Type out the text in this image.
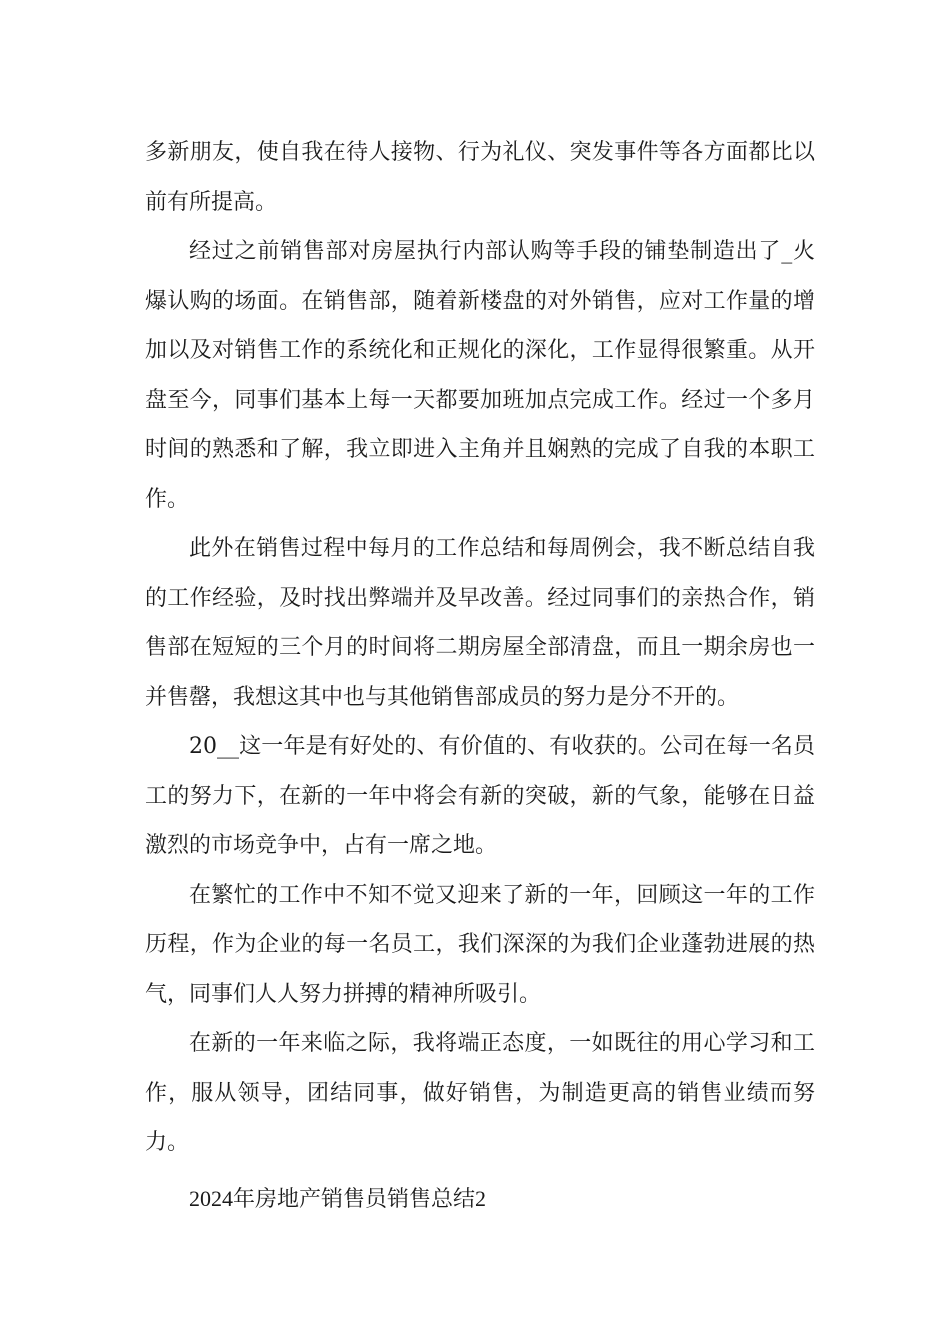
多新朋友，使自我在待人接物、行为礼仪、突发事件等各方面都比以前有所提高。

经过之前销售部对房屋执行内部认购等手段的铺垫制造出了_火爆认购的场面。在销售部，随着新楼盘的对外销售，应对工作量的增加以及对销售工作的系统化和正规化的深化，工作显得很繁重。从开盘至今，同事们基本上每一天都要加班加点完成工作。经过一个多月时间的熟悉和了解，我立即进入主角并且娴熟的完成了自我的本职工作。

此外在销售过程中每月的工作总结和每周例会，我不断总结自我的工作经验，及时找出弊端并及早改善。经过同事们的亲热合作，销售部在短短的三个月的时间将二期房屋全部清盘，而且一期余房也一并售罄，我想这其中也与其他销售部成员的努力是分不开的。

20__这一年是有好处的、有价值的、有收获的。公司在每一名员工的努力下，在新的一年中将会有新的突破，新的气象，能够在日益激烈的市场竞争中，占有一席之地。

在繁忙的工作中不知不觉又迎来了新的一年，回顾这一年的工作历程，作为企业的每一名员工，我们深深的为我们企业蓬勃进展的热气，同事们人人努力拼搏的精神所吸引。

在新的一年来临之际，我将端正态度，一如既往的用心学习和工作，服从领导，团结同事，做好销售，为制造更高的销售业绩而努力。

2024年房地产销售员销售总结2
